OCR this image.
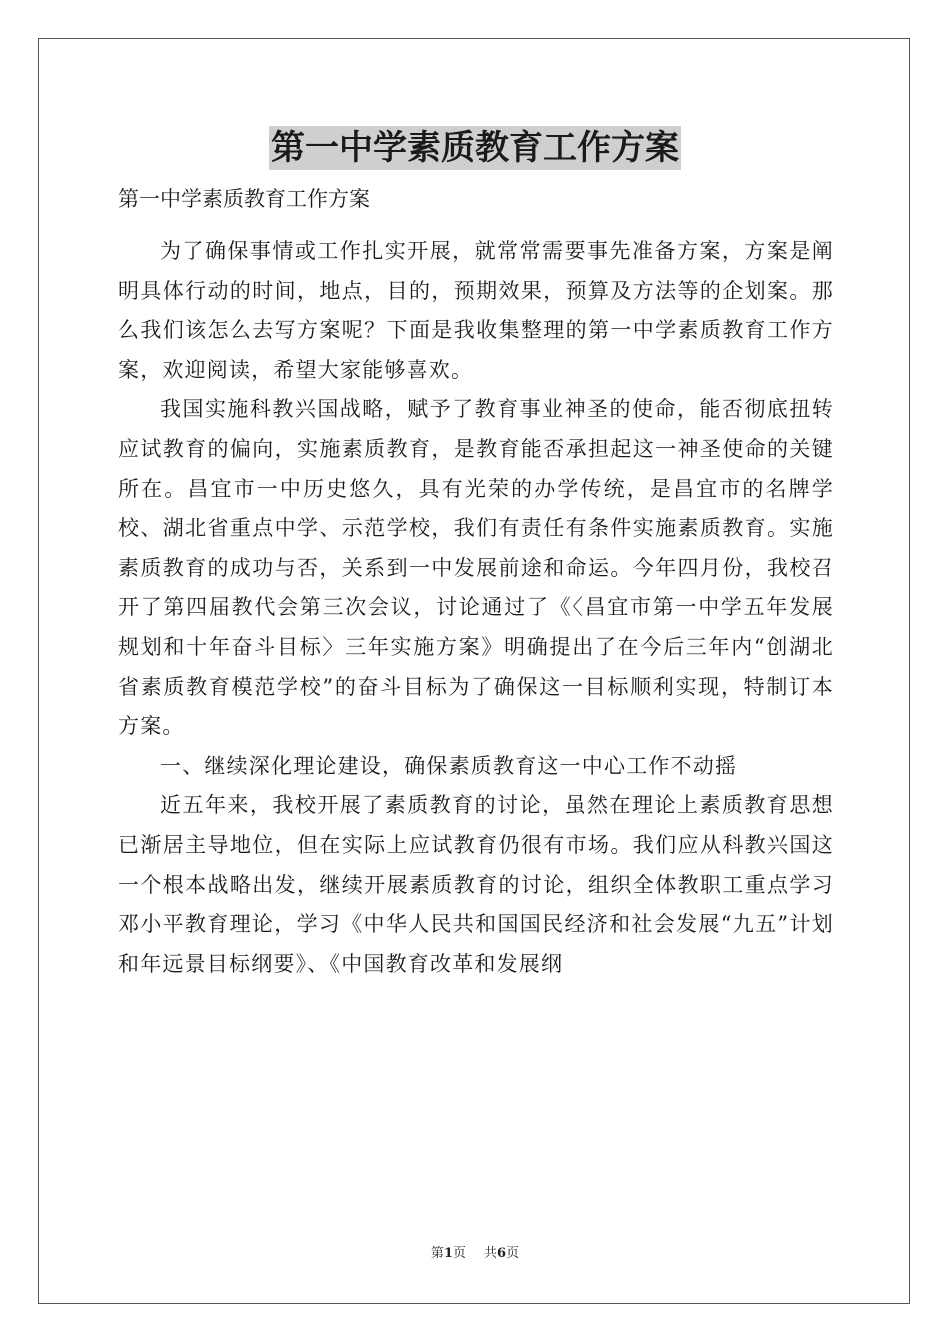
第一中学素质教育工作方案
第一中学素质教育工作方案

为了确保事情或工作扎实开展，就常常需要事先准备方案，方案是阐明具体行动的时间，地点，目的，预期效果，预算及方法等的企划案。那么我们该怎么去写方案呢？下面是我收集整理的第一中学素质教育工作方案，欢迎阅读，希望大家能够喜欢。

我国实施科教兴国战略，赋予了教育事业神圣的使命，能否彻底扭转应试教育的偏向，实施素质教育，是教育能否承担起这一神圣使命的关键所在。昌宜市一中历史悠久，具有光荣的办学传统，是昌宜市的名牌学校、湖北省重点中学、示范学校，我们有责任有条件实施素质教育。实施素质教育的成功与否，关系到一中发展前途和命运。今年四月份，我校召开了第四届教代会第三次会议，讨论通过了《〈昌宜市第一中学五年发展规划和十年奋斗目标〉三年实施方案》明确提出了在今后三年内“创湖北省素质教育模范学校”的奋斗目标为了确保这一目标顺利实现，特制订本方案。

一、继续深化理论建设，确保素质教育这一中心工作不动摇

近五年来，我校开展了素质教育的讨论，虽然在理论上素质教育思想已渐居主导地位，但在实际上应试教育仍很有市场。我们应从科教兴国这一个根本战略出发，继续开展素质教育的讨论，组织全体教职工重点学习邓小平教育理论，学习《中华人民共和国国民经济和社会发展“九五”计划和年远景目标纲要》、《中国教育改革和发展纲

第1页 共6页
